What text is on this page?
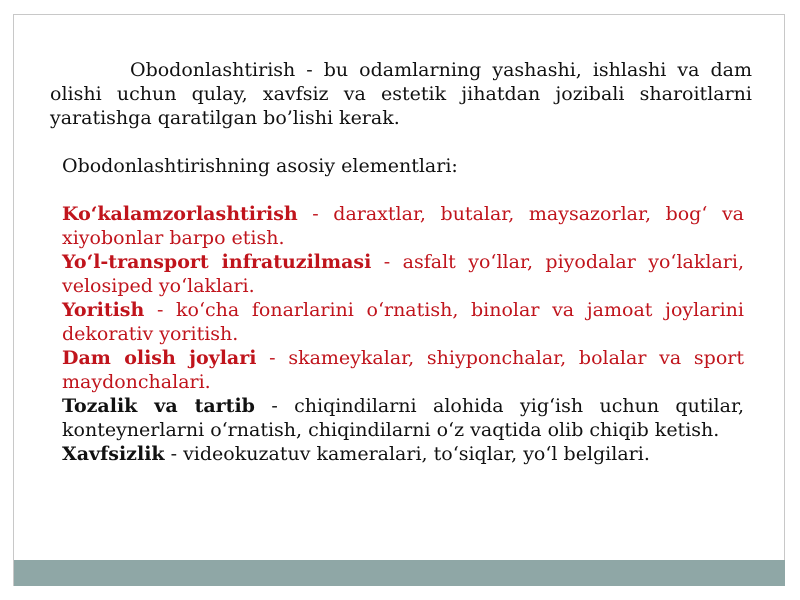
Obodonlashtirish - bu odamlarning yashashi, ishlashi va dam olishi uchun qulay, xavfsiz va estetik jihatdan jozibali sharoitlarni yaratishga qaratilgan bo’lishi kerak.

Obodonlashtirishning asosiy elementlari:

Ko‘kalamzorlashtirish - daraxtlar, butalar, maysazorlar, bog‘ va xiyobonlar barpo etish.
Yo‘l-transport infratuzilmasi - asfalt yo‘llar, piyodalar yo‘laklari, velosiped yo‘laklari.
Yoritish - ko‘cha fonarlarini o‘rnatish, binolar va jamoat joylarini dekorativ yoritish.
Dam olish joylari - skameykalar, shiyponchalar, bolalar va sport maydonchalari.
Tozalik va tartib - chiqindilarni alohida yig‘ish uchun qutilar, konteynerlarni o‘rnatish, chiqindilarni o‘z vaqtida olib chiqib ketish.
Xavfsizlik - videokuzatuv kameralari, to‘siqlar, yo‘l belgilari.
